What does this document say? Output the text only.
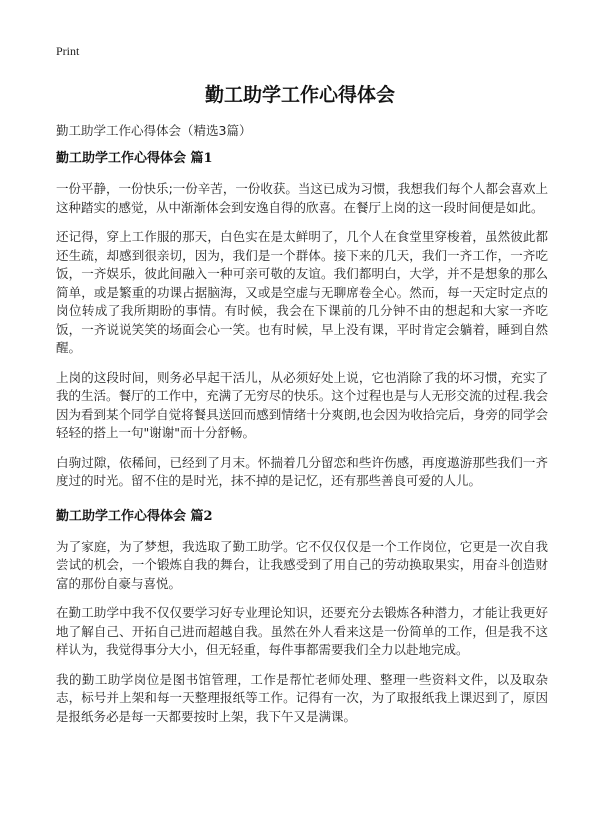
Print
勤工助学工作心得体会
勤工助学工作心得体会（精选3篇）
勤工助学工作心得体会 篇1

一份平静，一份快乐;一份辛苦，一份收获。当这已成为习惯，我想我们每个人都会喜欢上这种踏实的感觉，从中渐渐体会到安逸自得的欣喜。在餐厅上岗的这一段时间便是如此。

还记得，穿上工作服的那天，白色实在是太鲜明了，几个人在食堂里穿梭着，虽然彼此都还生疏，却感到很亲切，因为，我们是一个群体。接下来的几天，我们一齐工作，一齐吃饭，一齐娱乐，彼此间融入一种可亲可敬的友谊。我们都明白，大学，并不是想象的那么简单，或是繁重的功课占据脑海，又或是空虚与无聊席卷全心。然而，每一天定时定点的岗位转成了我所期盼的事情。有时候，我会在下课前的几分钟不由的想起和大家一齐吃饭，一齐说说笑笑的场面会心一笑。也有时候，早上没有课，平时肯定会躺着，睡到自然醒。

上岗的这段时间，则务必早起干活儿，从必须好处上说，它也消除了我的坏习惯，充实了我的生活。餐厅的工作中，充满了无穷尽的快乐。这个过程也是与人无形交流的过程.我会因为看到某个同学自觉将餐具送回而感到情绪十分爽朗,也会因为收拾完后，身旁的同学会轻轻的搭上一句"谢谢"而十分舒畅。

白驹过隙，依稀间，已经到了月末。怀揣着几分留恋和些许伤感，再度遨游那些我们一齐度过的时光。留不住的是时光，抹不掉的是记忆，还有那些善良可爱的人儿。

勤工助学工作心得体会 篇2

为了家庭，为了梦想，我选取了勤工助学。它不仅仅仅是一个工作岗位，它更是一次自我尝试的机会，一个锻炼自我的舞台，让我感受到了用自己的劳动换取果实，用奋斗创造财富的那份自豪与喜悦。

在勤工助学中我不仅仅要学习好专业理论知识，还要充分去锻炼各种潜力，才能让我更好地了解自己、开拓自己进而超越自我。虽然在外人看来这是一份简单的工作，但是我不这样认为，我觉得事分大小，但无轻重，每件事都需要我们全力以赴地完成。

我的勤工助学岗位是图书馆管理，工作是帮忙老师处理、整理一些资料文件，以及取杂志，标号并上架和每一天整理报纸等工作。记得有一次，为了取报纸我上课迟到了，原因是报纸务必是每一天都要按时上架，我下午又是满课。
